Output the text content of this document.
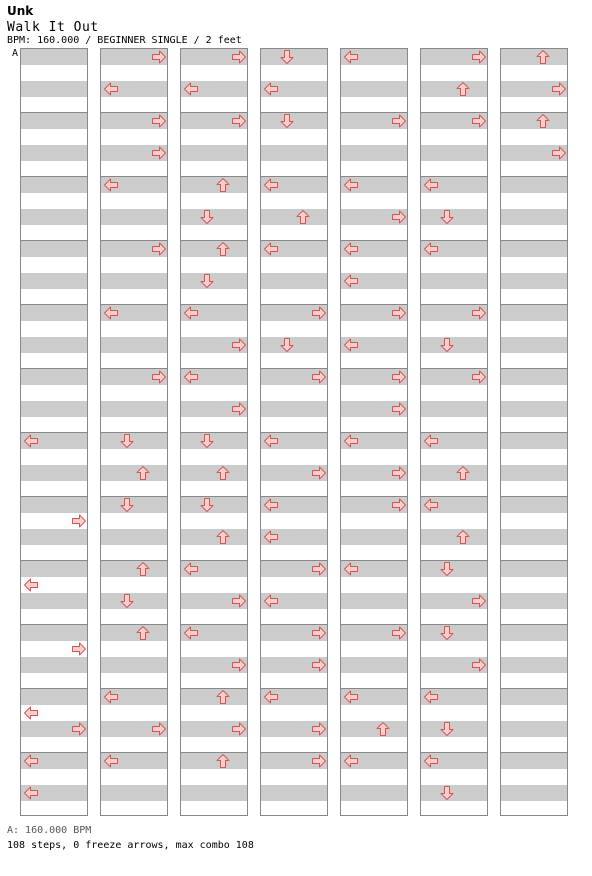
Unk
Walk It Out
BPM: 160.000 / BEGINNER SINGLE / 2 feet
A
A: 160.000 BPM
108 steps, 0 freeze arrows, max combo 108
